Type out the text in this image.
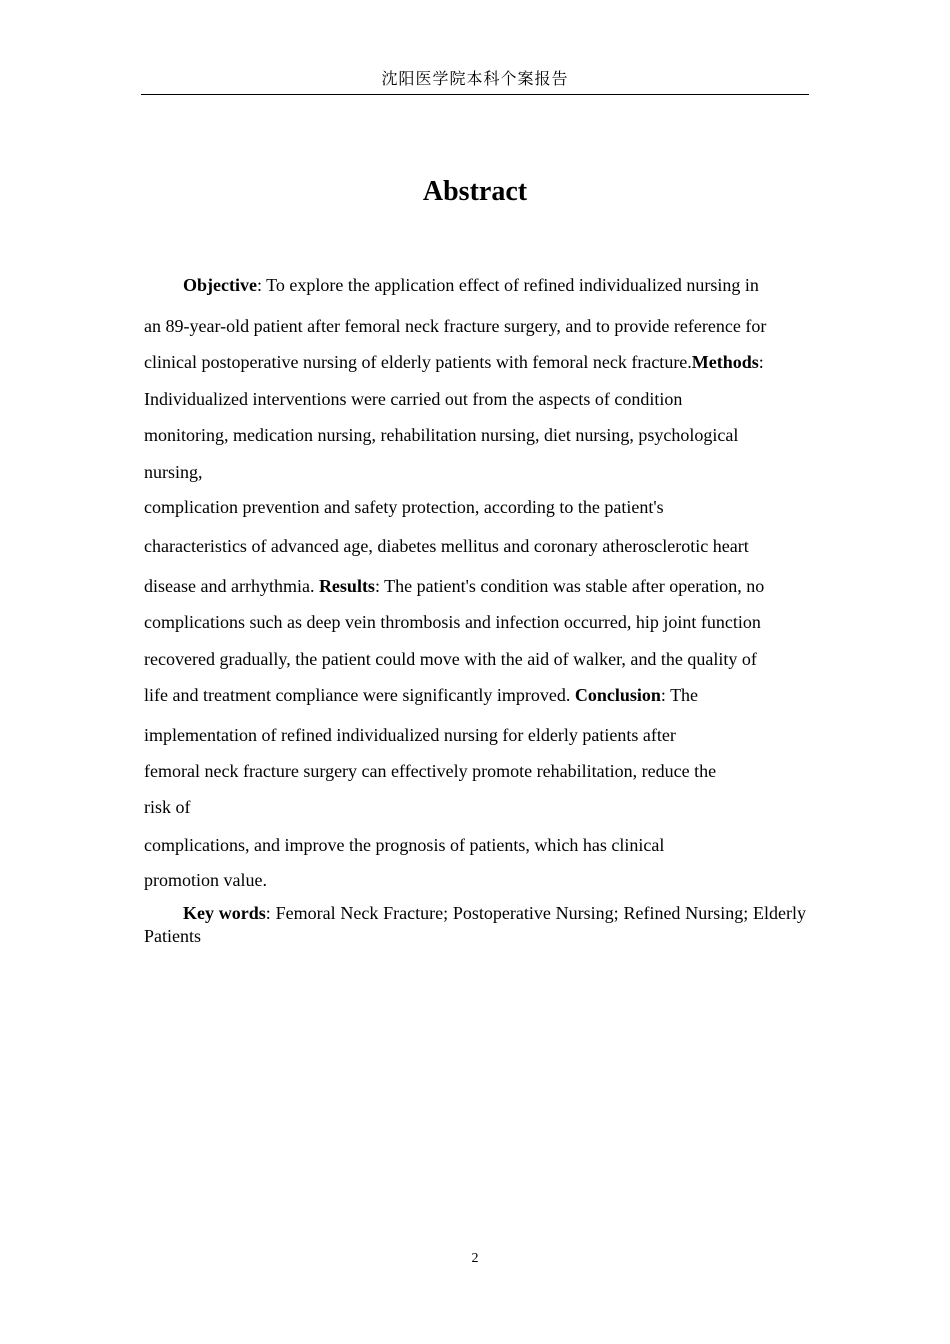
沈阳医学院本科个案报告
Abstract
Objective: To explore the application effect of refined individualized nursing in
an 89-year-old patient after femoral neck fracture surgery, and to provide reference for
clinical postoperative nursing of elderly patients with femoral neck fracture.Methods:
Individualized interventions were carried out from the aspects of condition
monitoring, medication nursing, rehabilitation nursing, diet nursing, psychological
nursing,
complication prevention and safety protection, according to the patient's
characteristics of advanced age, diabetes mellitus and coronary atherosclerotic heart
disease and arrhythmia. Results: The patient's condition was stable after operation, no
complications such as deep vein thrombosis and infection occurred, hip joint function
recovered gradually, the patient could move with the aid of walker, and the quality of
life and treatment compliance were significantly improved. Conclusion: The
implementation of refined individualized nursing for elderly patients after
femoral neck fracture surgery can effectively promote rehabilitation, reduce the
risk of
complications, and improve the prognosis of patients, which has clinical
promotion value.
Key words: Femoral Neck Fracture; Postoperative Nursing; Refined Nursing; Elderly Patients
2
